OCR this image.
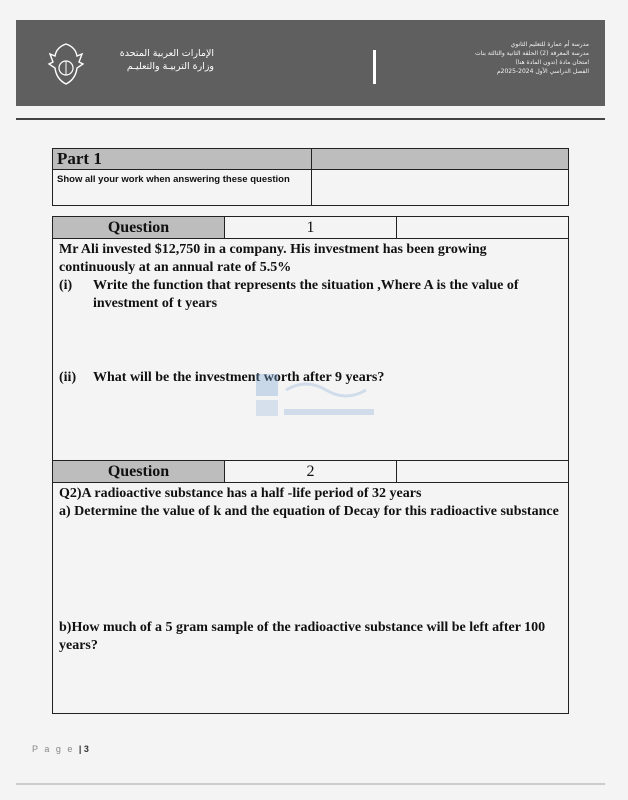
الإمارات العربية المتحدة
وزارة التربيـة والتعليـم
مدرسة أم عمارة للتعليم الثانوي
مدرسة المعرفة (2) الحلقة الثانية والثالثة بنات
امتحان مادة (تدون المادة هنا)
الفصل الدراسي الأول 2024-2025م
Part 1	
Show all your work when answering these question	
Question	1	

Mr Ali invested $12,750 in a company. His investment has been growing continuously at an annual rate of 5.5%

(i)	Write the function that represents the situation ,Where A is the value of investment of t years
(ii)	What will be the investment worth after 9 years?
Question	2	

Q2)A radioactive substance has a half -life period of 32 years

a) Determine the value of k and the equation of Decay for this radioactive substance

b)How much of a 5 gram sample of the radioactive substance will be left after 100 years?

P a g e | 3
